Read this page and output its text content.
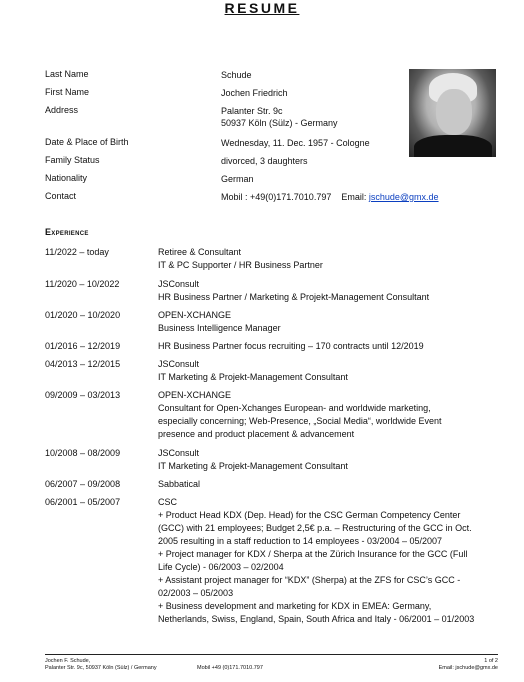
RESUME
Last Name	Schude
First Name	Jochen Friedrich
Address	Palanter Str. 9c
50937 Köln (Sülz) - Germany
Date & Place of Birth	Wednesday, 11. Dec. 1957 - Cologne
Family Status	divorced, 3 daughters
Nationality	German
Contact	Mobil : +49(0)171.7010.797 Email: jschude@gmx.de
Experience
11/2022 – today	Retiree & Consultant
IT & PC Supporter / HR Business Partner
11/2020 – 10/2022	JSConsult
HR Business Partner / Marketing & Projekt-Management Consultant
01/2020 – 10/2020	OPEN-XCHANGE
Business Intelligence Manager
01/2016 – 12/2019	HR Business Partner focus recruiting – 170 contracts until 12/2019
04/2013 – 12/2015	JSConsult
IT Marketing & Projekt-Management Consultant
09/2009 – 03/2013	OPEN-XCHANGE
Consultant for Open-Xchanges European- and worldwide marketing,
especially concerning; Web-Presence, „Social Media“, worldwide Event
presence and product placement & advancement
10/2008 – 08/2009	JSConsult
IT Marketing & Projekt-Management Consultant
06/2007 – 09/2008	Sabbatical
06/2001 – 05/2007	CSC
+ Product Head KDX (Dep. Head) for the CSC German Competency Center
(GCC) with 21 employees; Budget 2,5€ p.a. – Restructuring of the GCC in Oct.
2005 resulting in a staff reduction to 14 employees - 03/2004 – 05/2007
+ Project manager for KDX / Sherpa at the Zürich Insurance for the GCC (Full
Life Cycle) - 06/2003 – 02/2004
+ Assistant project manager for “KDX” (Sherpa) at the ZFS for CSC’s GCC -
02/2003 – 05/2003
+ Business development and marketing for KDX in EMEA: Germany,
Netherlands, Swiss, England, Spain, South Africa and Italy - 06/2001 – 01/2003
Jochen F. Schude,
Palanter Str. 9c, 50937 Köln (Sülz) / Germany	Mobil +49 (0)171.7010.797
1 of 2
Email: jschude@gmx.de
